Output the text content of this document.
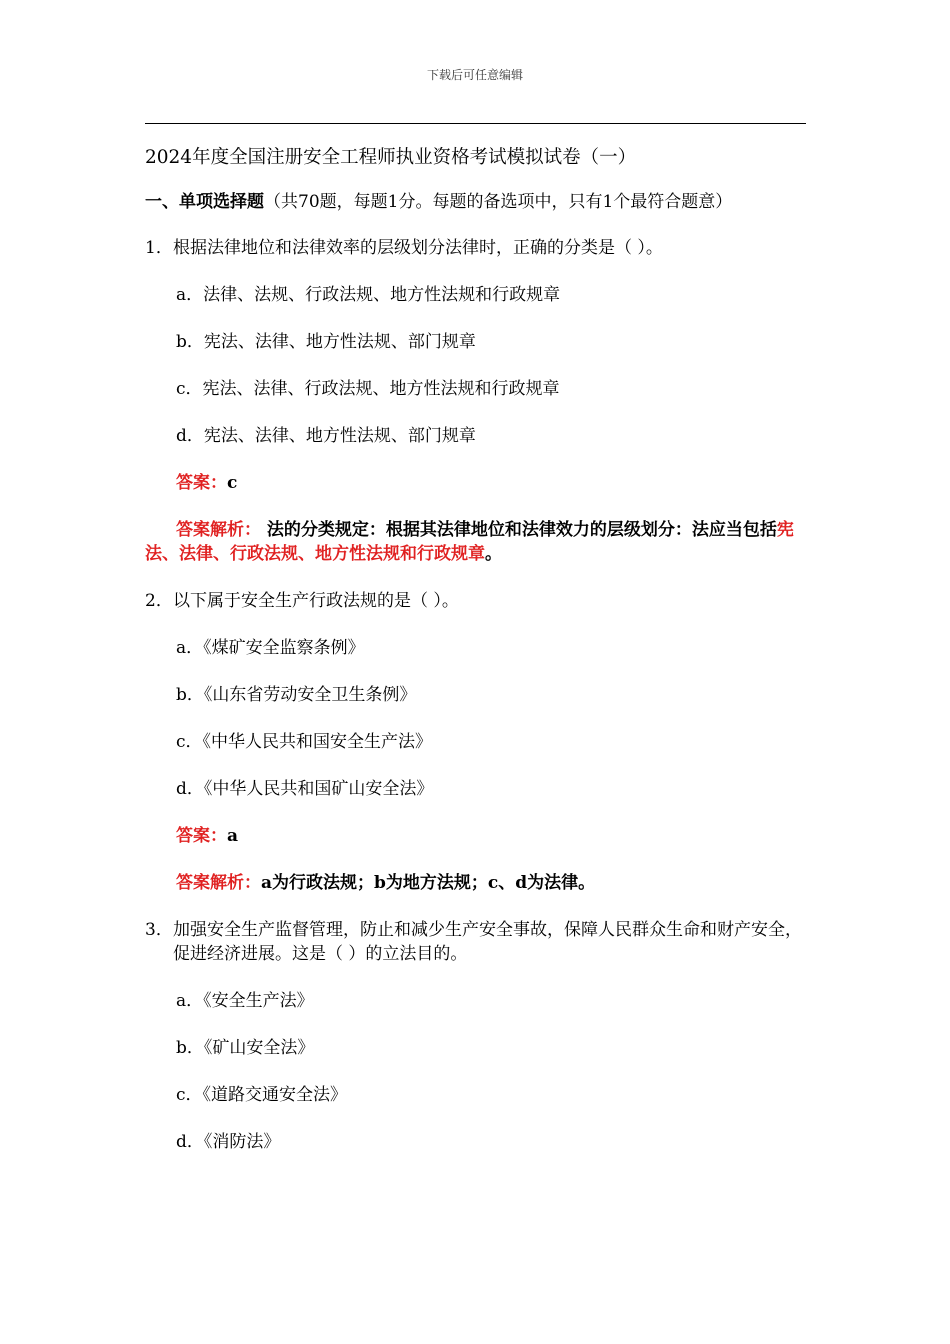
下载后可任意编辑
2024年度全国注册安全工程师执业资格考试模拟试卷（一）
一、单项选择题（共70题，每题1分。每题的备选项中，只有1个最符合题意）
1． 根据法律地位和法律效率的层级划分法律时，正确的分类是（ ）。
a．法律、法规、行政法规、地方性法规和行政规章
b．宪法、法律、地方性法规、部门规章
c．宪法、法律、行政法规、地方性法规和行政规章
d．宪法、法律、地方性法规、部门规章
答案：c
答案解析： 法的分类规定：根据其法律地位和法律效力的层级划分：法应当包括宪法、法律、行政法规、地方性法规和行政规章。
2． 以下属于安全生产行政法规的是（ ）。
a．《煤矿安全监察条例》
b．《山东省劳动安全卫生条例》
c．《中华人民共和国安全生产法》
d．《中华人民共和国矿山安全法》
答案：a
答案解析：a为行政法规；b为地方法规；c、d为法律。
3． 加强安全生产监督管理，防止和减少生产安全事故，保障人民群众生命和财产安全，促进经济进展。这是（ ）的立法目的。
a．《安全生产法》
b．《矿山安全法》
c．《道路交通安全法》
d．《消防法》
